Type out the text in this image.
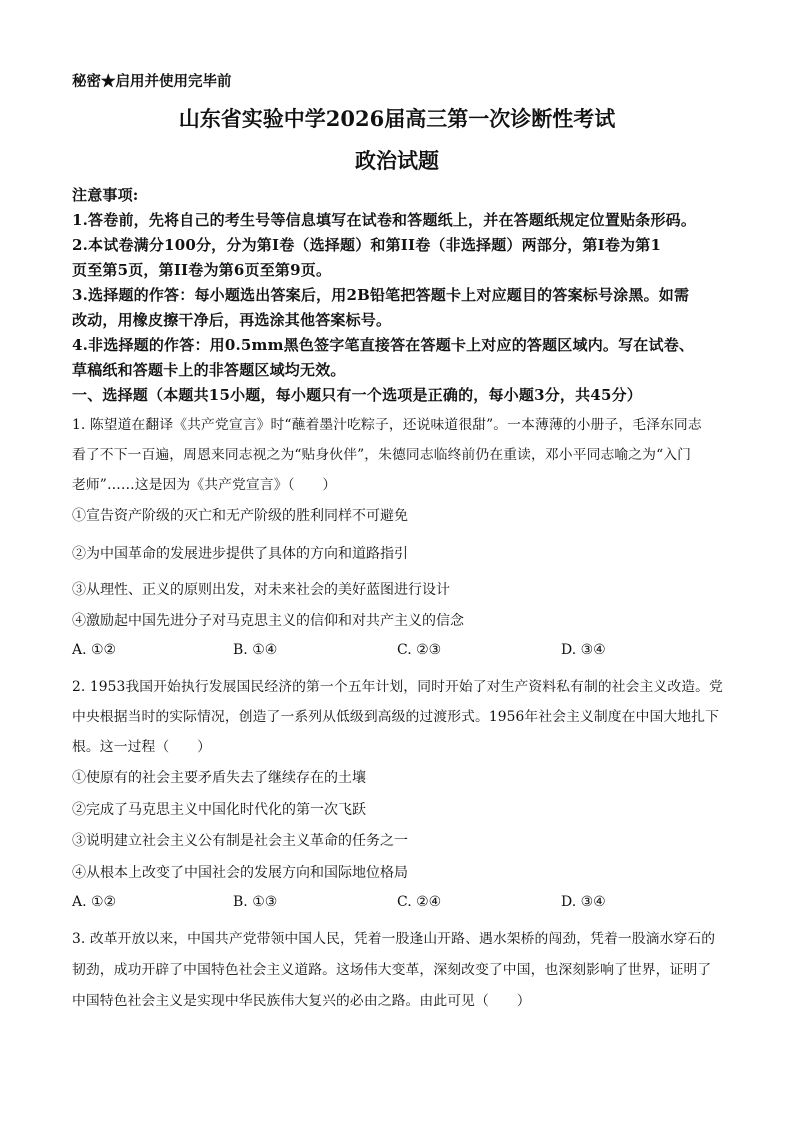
秘密★启用并使用完毕前
山东省实验中学2026届高三第一次诊断性考试
政治试题
注意事项:
1.答卷前，先将自己的考生号等信息填写在试卷和答题纸上，并在答题纸规定位置贴条形码。
2.本试卷满分100分，分为第Ⅰ卷（选择题）和第II卷（非选择题）两部分，第Ⅰ卷为第1
页至第5页，第II卷为第6页至第9页。
3.选择题的作答：每小题选出答案后，用2B铅笔把答题卡上对应题目的答案标号涂黑。如需
改动，用橡皮擦干净后，再选涂其他答案标号。
4.非选择题的作答：用0.5mm黑色签字笔直接答在答题卡上对应的答题区域内。写在试卷、
草稿纸和答题卡上的非答题区域均无效。
一、选择题（本题共15小题，每小题只有一个选项是正确的，每小题3分，共45分）
1. 陈望道在翻译《共产党宣言》时“蘸着墨汁吃粽子，还说味道很甜”。一本薄薄的小册子，毛泽东同志
看了不下一百遍，周恩来同志视之为“贴身伙伴”，朱德同志临终前仍在重读，邓小平同志喻之为“入门
老师”……这是因为《共产党宣言》（　　）
①宣告资产阶级的灭亡和无产阶级的胜利同样不可避免
②为中国革命的发展进步提供了具体的方向和道路指引
③从理性、正义的原则出发，对未来社会的美好蓝图进行设计
④激励起中国先进分子对马克思主义的信仰和对共产主义的信念
A. ①②	B. ①④	C. ②③	D. ③④
2. 1953我国开始执行发展国民经济的第一个五年计划，同时开始了对生产资料私有制的社会主义改造。党
中央根据当时的实际情况，创造了一系列从低级到高级的过渡形式。1956年社会主义制度在中国大地扎下
根。这一过程（　　）
①使原有的社会主要矛盾失去了继续存在的土壤
②完成了马克思主义中国化时代化的第一次飞跃
③说明建立社会主义公有制是社会主义革命的任务之一
④从根本上改变了中国社会的发展方向和国际地位格局
A. ①②	B. ①③	C. ②④	D. ③④
3. 改革开放以来，中国共产党带领中国人民，凭着一股逢山开路、遇水架桥的闯劲，凭着一股滴水穿石的
韧劲，成功开辟了中国特色社会主义道路。这场伟大变革，深刻改变了中国，也深刻影响了世界，证明了
中国特色社会主义是实现中华民族伟大复兴的必由之路。由此可见（　　）
